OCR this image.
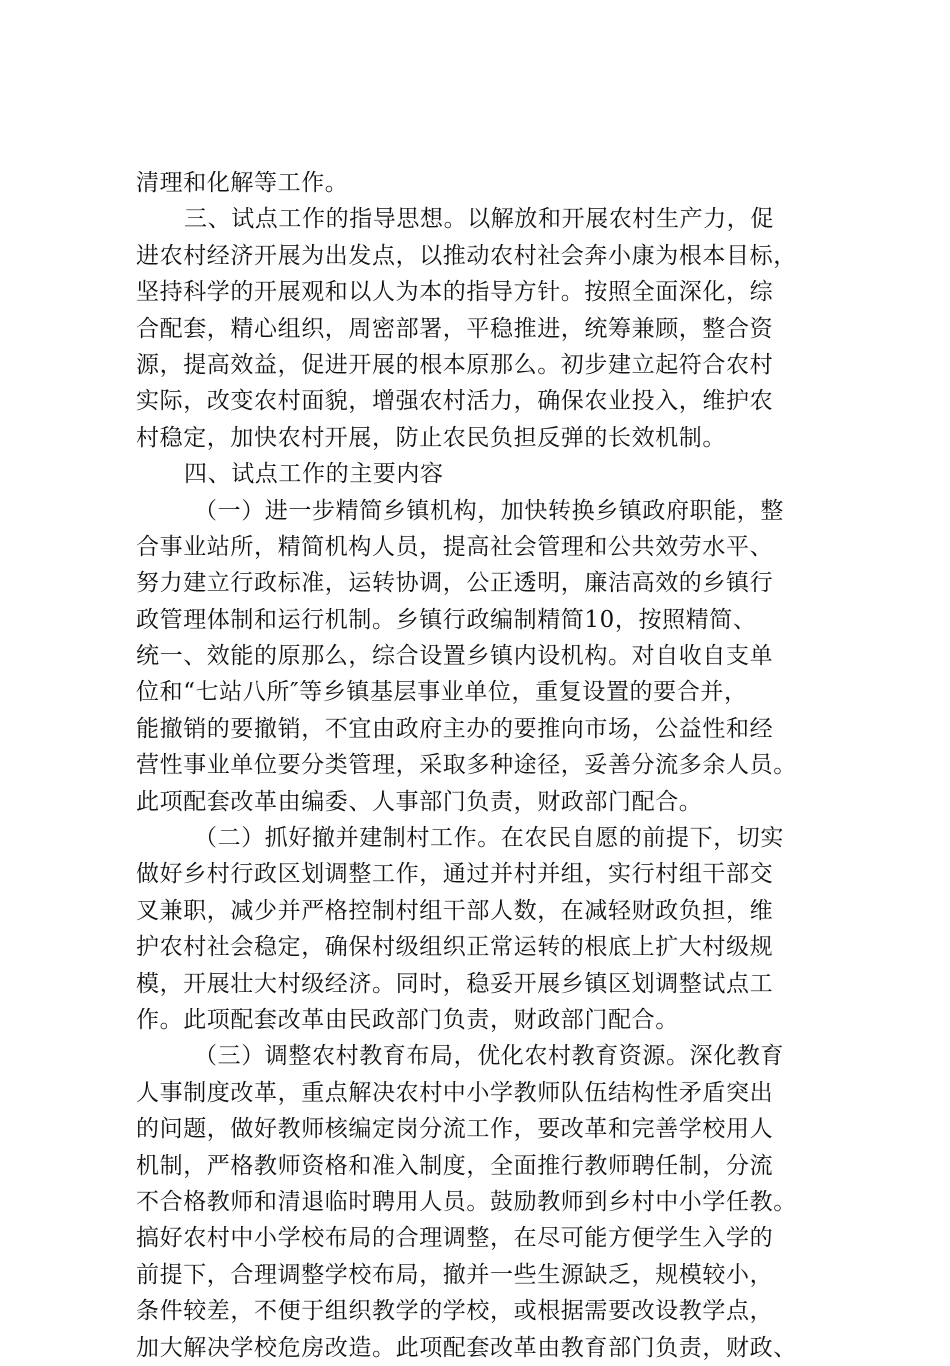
清理和化解等工作。
三、试点工作的指导思想。以解放和开展农村生产力，促
进农村经济开展为出发点，以推动农村社会奔小康为根本目标，
坚持科学的开展观和以人为本的指导方针。按照全面深化，综
合配套，精心组织，周密部署，平稳推进，统筹兼顾，整合资
源，提高效益，促进开展的根本原那么。初步建立起符合农村
实际，改变农村面貌，增强农村活力，确保农业投入，维护农
村稳定，加快农村开展，防止农民负担反弹的长效机制。
四、试点工作的主要内容
（一）进一步精简乡镇机构，加快转换乡镇政府职能，整
合事业站所，精简机构人员，提高社会管理和公共效劳水平、
努力建立行政标准，运转协调，公正透明，廉洁高效的乡镇行
政管理体制和运行机制。乡镇行政编制精简10，按照精简、
统一、效能的原那么，综合设置乡镇内设机构。对自收自支单
位和“七站八所″等乡镇基层事业单位，重复设置的要合并，
能撤销的要撤销，不宜由政府主办的要推向市场，公益性和经
营性事业单位要分类管理，采取多种途径，妥善分流多余人员。
此项配套改革由编委、人事部门负责，财政部门配合。
（二）抓好撤并建制村工作。在农民自愿的前提下，切实
做好乡村行政区划调整工作，通过并村并组，实行村组干部交
叉兼职，减少并严格控制村组干部人数，在减轻财政负担，维
护农村社会稳定，确保村级组织正常运转的根底上扩大村级规
模，开展壮大村级经济。同时，稳妥开展乡镇区划调整试点工
作。此项配套改革由民政部门负责，财政部门配合。
（三）调整农村教育布局，优化农村教育资源。深化教育
人事制度改革，重点解决农村中小学教师队伍结构性矛盾突出
的问题，做好教师核编定岗分流工作，要改革和完善学校用人
机制，严格教师资格和准入制度，全面推行教师聘任制，分流
不合格教师和清退临时聘用人员。鼓励教师到乡村中小学任教。
搞好农村中小学校布局的合理调整，在尽可能方便学生入学的
前提下，合理调整学校布局，撤并一些生源缺乏，规模较小，
条件较差，不便于组织教学的学校，或根据需要改设教学点，
加大解决学校危房改造。此项配套改革由教育部门负责，财政、
